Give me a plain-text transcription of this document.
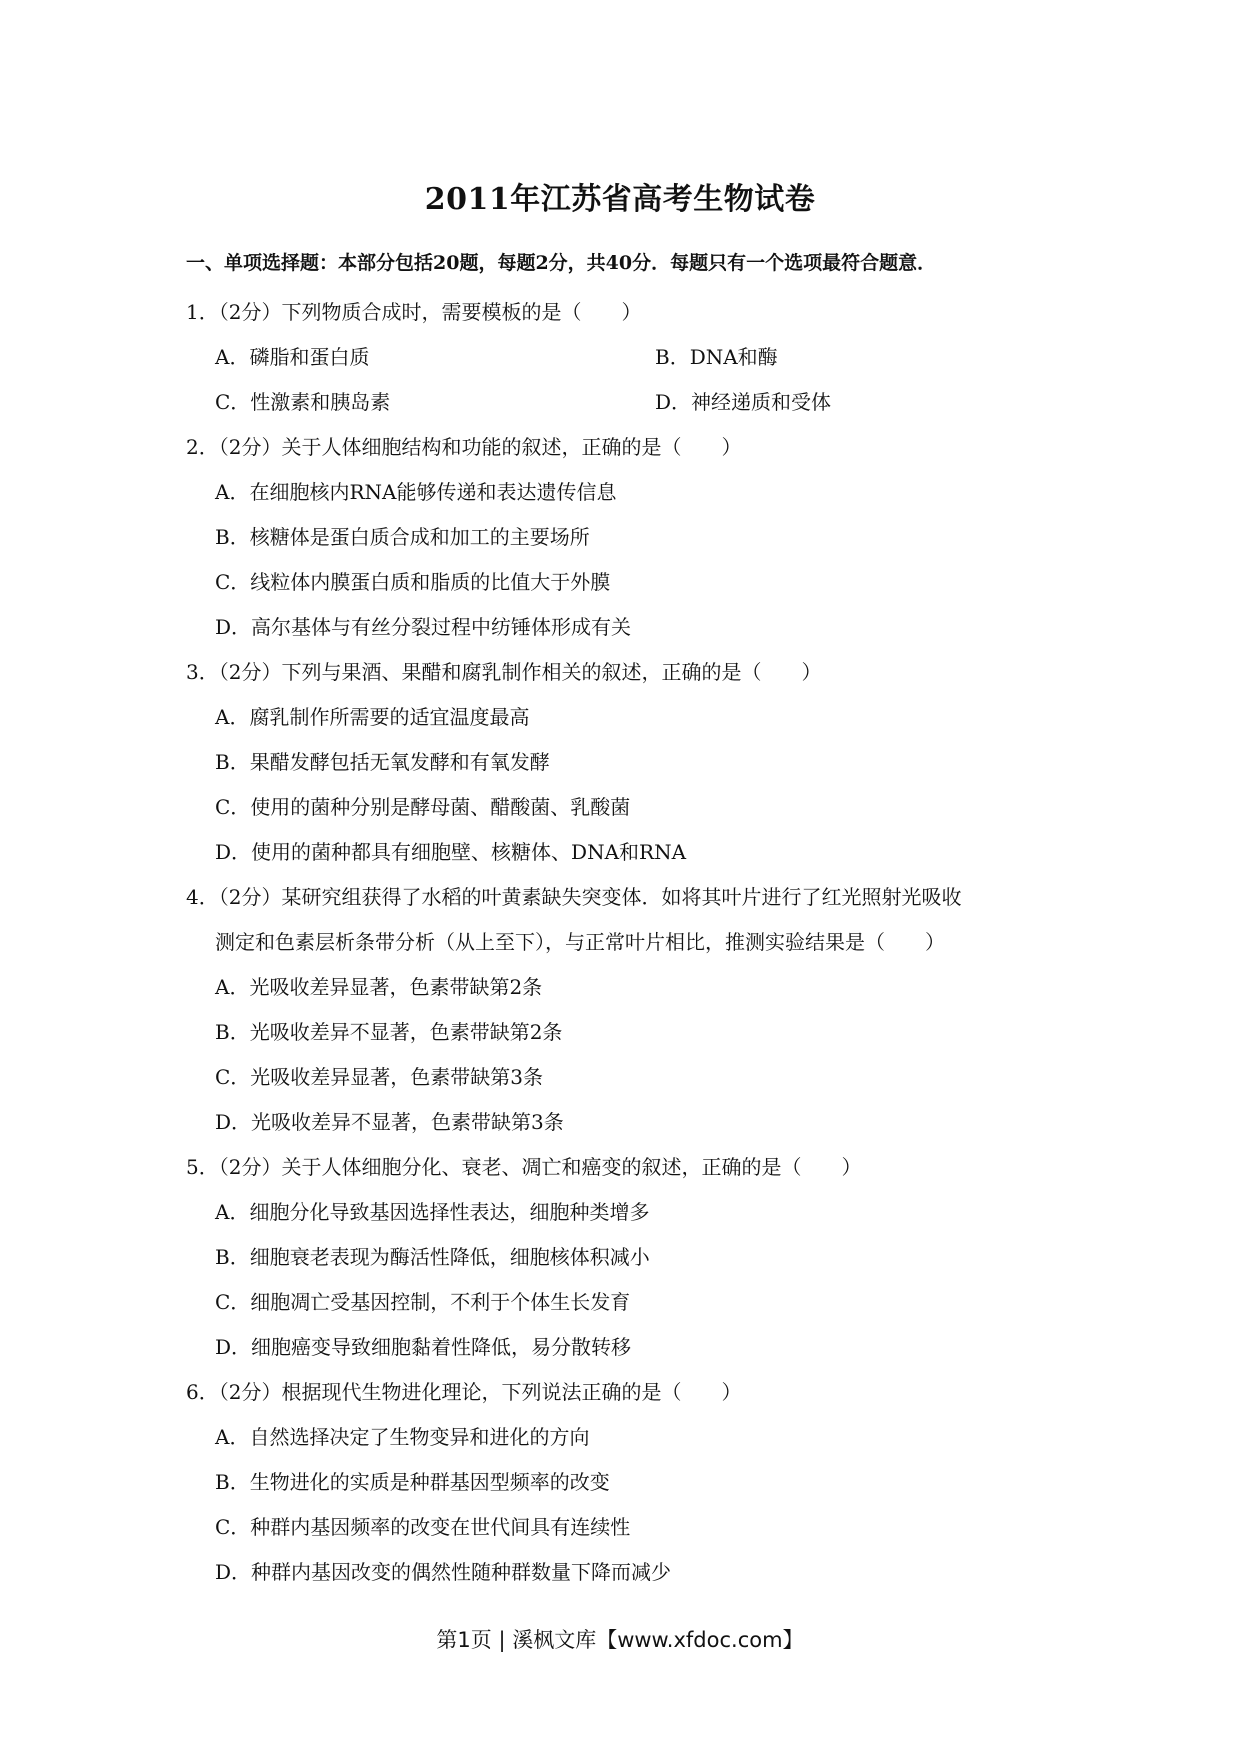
2011年江苏省高考生物试卷
一、单项选择题：本部分包括20题，每题2分，共40分．每题只有一个选项最符合题意．
1．（2分）下列物质合成时，需要模板的是（　　）
A．磷脂和蛋白质	B．DNA和酶
C．性激素和胰岛素	D．神经递质和受体
2．（2分）关于人体细胞结构和功能的叙述，正确的是（　　）
A．在细胞核内RNA能够传递和表达遗传信息
B．核糖体是蛋白质合成和加工的主要场所
C．线粒体内膜蛋白质和脂质的比值大于外膜
D．高尔基体与有丝分裂过程中纺锤体形成有关
3．（2分）下列与果酒、果醋和腐乳制作相关的叙述，正确的是（　　）
A．腐乳制作所需要的适宜温度最高
B．果醋发酵包括无氧发酵和有氧发酵
C．使用的菌种分别是酵母菌、醋酸菌、乳酸菌
D．使用的菌种都具有细胞壁、核糖体、DNA和RNA
4．（2分）某研究组获得了水稻的叶黄素缺失突变体．如将其叶片进行了红光照射光吸收
测定和色素层析条带分析（从上至下），与正常叶片相比，推测实验结果是（　　）
A．光吸收差异显著，色素带缺第2条
B．光吸收差异不显著，色素带缺第2条
C．光吸收差异显著，色素带缺第3条
D．光吸收差异不显著，色素带缺第3条
5．（2分）关于人体细胞分化、衰老、凋亡和癌变的叙述，正确的是（　　）
A．细胞分化导致基因选择性表达，细胞种类增多
B．细胞衰老表现为酶活性降低，细胞核体积减小
C．细胞凋亡受基因控制，不利于个体生长发育
D．细胞癌变导致细胞黏着性降低，易分散转移
6．（2分）根据现代生物进化理论，下列说法正确的是（　　）
A．自然选择决定了生物变异和进化的方向
B．生物进化的实质是种群基因型频率的改变
C．种群内基因频率的改变在世代间具有连续性
D．种群内基因改变的偶然性随种群数量下降而减少
第1页 | 溪枫文库【www.xfdoc.com】
